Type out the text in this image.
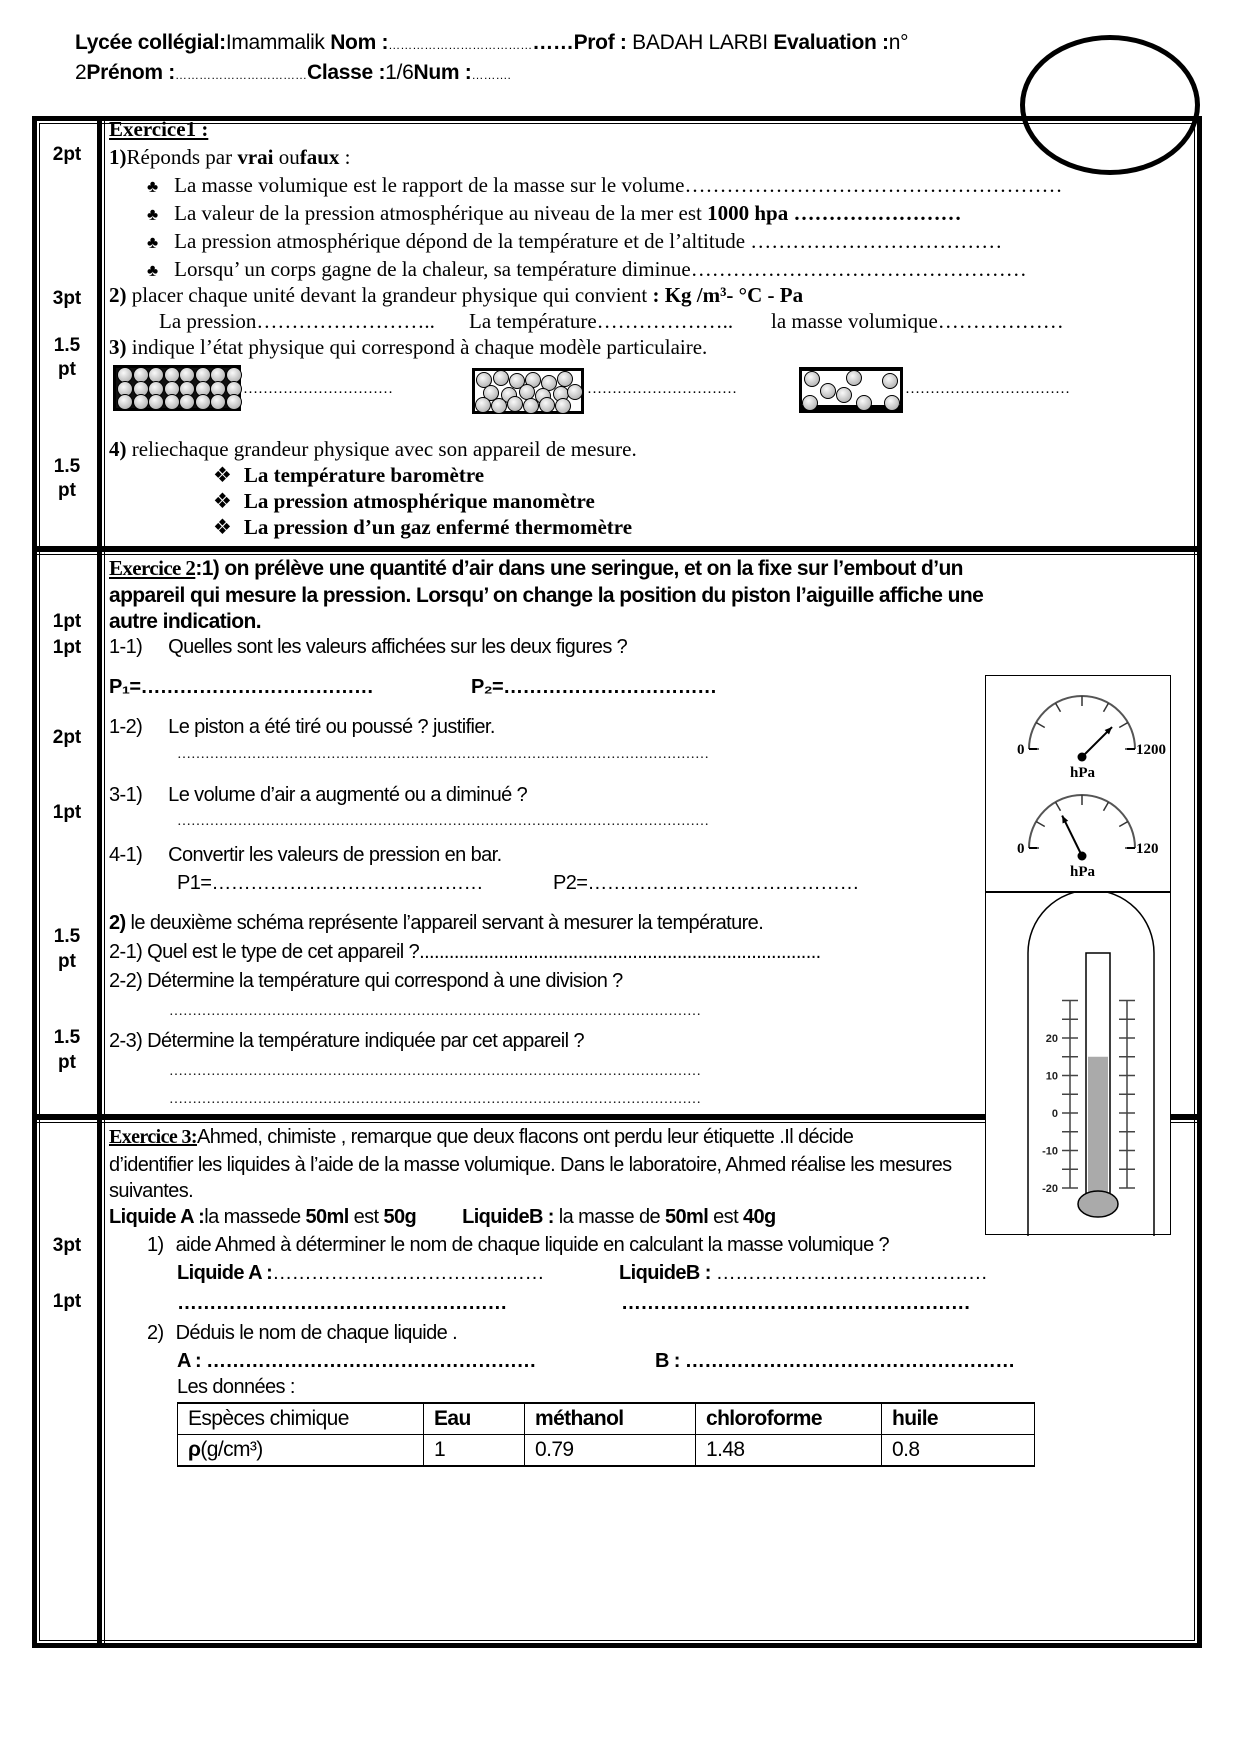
Lycée collégial:Imammalik Nom :……………………………………Prof : BADAH LARBI Evaluation :n°
2Prénom :……………………………Classe :1/6Num :……….
2pt
3pt
1.5
pt
1.5
pt
Exercice1 :
1)Réponds par vrai oufaux :
♣ La masse volumique est le rapport de la masse sur le volume………………………………………………
♣ La valeur de la pression atmosphérique au niveau de la mer est 1000 hpa ……………………
♣ La pression atmosphérique dépond de la température et de l’altitude ………………………………
♣ Lorsqu’ un corps gagne de la chaleur, sa température diminue…………………………………………
2) placer chaque unité devant la grandeur physique qui convient : Kg /m³- °C - Pa
La pression…………………….. La température……………….. la masse volumique………………
3) indique l’état physique qui correspond à chaque modèle particulaire.
…………………………	…………………………	……………………………
4) reliechaque grandeur physique avec son appareil de mesure.
❖ La température baromètre
❖ La pression atmosphérique manomètre
❖ La pression d’un gaz enfermé thermomètre
1pt
1pt
2pt
1pt
1.5
pt
1.5
pt
Exercice 2:1) on prélève une quantité d’air dans une seringue, et on la fixe sur l’embout d’un
appareil qui mesure la pression. Lorsqu’ on change la position du piston l’aiguille affiche une
autre indication.
1-1) Quelles sont les valeurs affichées sur les deux figures ?
P₁=………………………………	P₂=……………………………
1-2) Le piston a été tiré ou poussé ? justifier.
……………………………………………………………………………………………………
3-1) Le volume d’air a augmenté ou a diminué ?
……………………………………………………………………………………………………
4-1) Convertir les valeurs de pression en bar.
P1=……………………………………	P2=……………………………………
2) le deuxième schéma représente l’appareil servant à mesurer la température.
2-1) Quel est le type de cet appareil ?.................................................................................
2-2) Détermine la température qui correspond à une division ?
……………………………………………………………………………………………………
2-3) Détermine la température indiquée par cet appareil ?
……………………………………………………………………………………………………
……………………………………………………………………………………………………
3pt
1pt
Exercice 3:Ahmed, chimiste , remarque que deux flacons ont perdu leur étiquette .Il décide
d’identifier les liquides à l’aide de la masse volumique. Dans le laboratoire, Ahmed réalise les mesures
suivantes.
Liquide A :la massede 50ml est 50g LiquideB : la masse de 50ml est 40g
1) aide Ahmed à déterminer le nom de chaque liquide en calculant la masse volumique ?
Liquide A :……………………………………	LiquideB : ……………………………………
……………………………………………	………………………………………………
2) Déduis le nom de chaque liquide .
A : ……………………………………………	B : ……………………………………………
Les données :
Espèces chimique	Eau	méthanol	chloroforme	huile
ρ(g/cm³)	1	0.79	1.48	0.8
0	1200
hPa
0	120
hPa
20
10
0
-10
-20
